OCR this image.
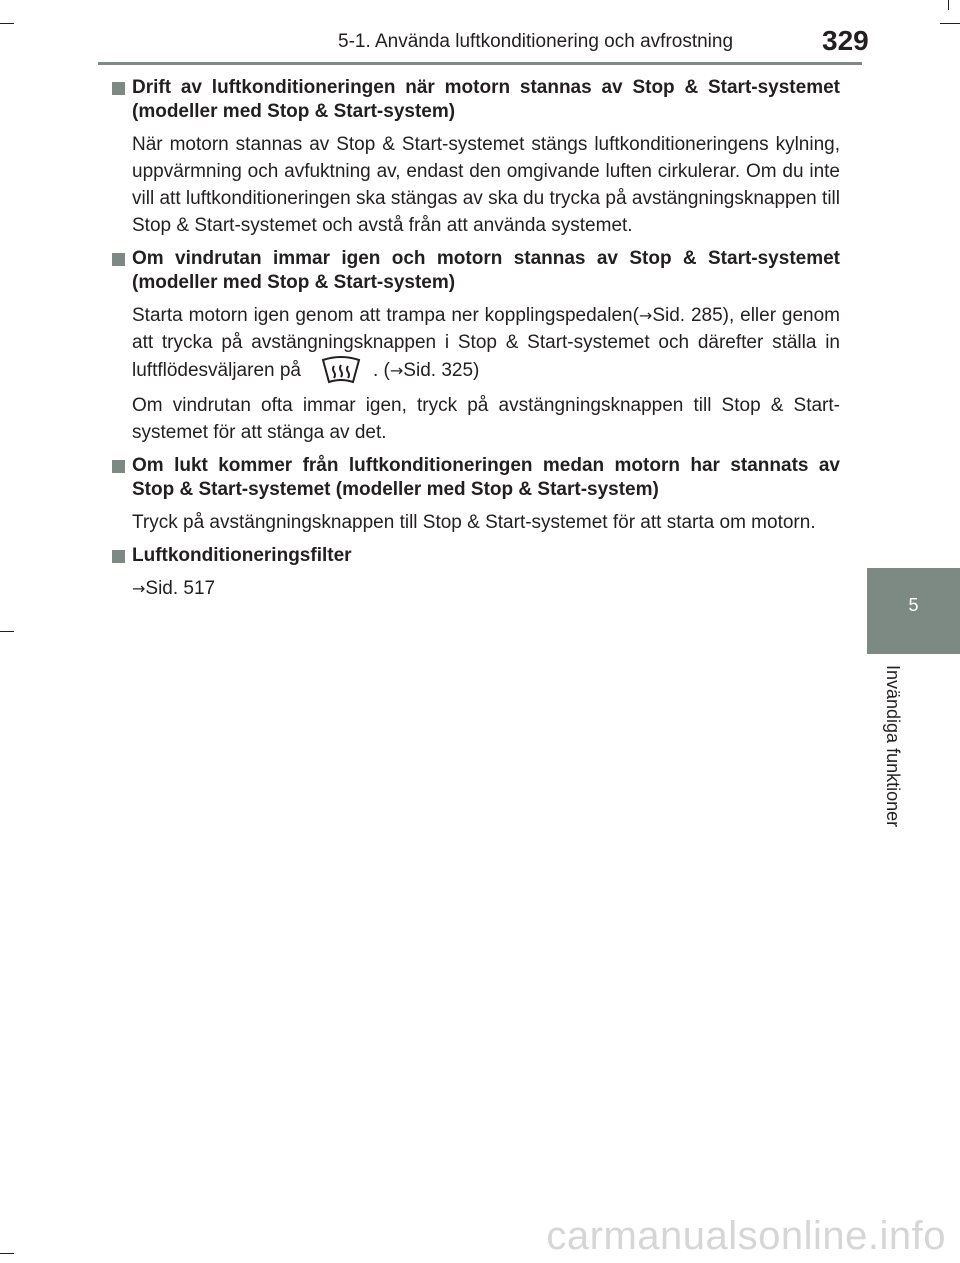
5-1. Använda luftkonditionering och avfrostning	329
5
Invändiga funktioner
Drift av luftkonditioneringen när motorn stannas av Stop & Start-systemet (modeller med Stop & Start-system)
När motorn stannas av Stop & Start-systemet stängs luftkonditioneringens kylning, uppvärmning och avfuktning av, endast den omgivande luften cirkulerar. Om du inte vill att luftkonditioneringen ska stängas av ska du trycka på avstängningsknappen till Stop & Start-systemet och avstå från att använda systemet.
Om vindrutan immar igen och motorn stannas av Stop & Start-systemet (modeller med Stop & Start-system)
Starta motorn igen genom att trampa ner kopplingspedalen(→Sid. 285), eller genom att trycka på avstängningsknappen i Stop & Start-systemet och därefter ställa in luftflödesväljaren på	. (→Sid. 325)
Om vindrutan ofta immar igen, tryck på avstängningsknappen till Stop & Start-systemet för att stänga av det.
Om lukt kommer från luftkonditioneringen medan motorn har stannats av Stop & Start-systemet (modeller med Stop & Start-system)
Tryck på avstängningsknappen till Stop & Start-systemet för att starta om motorn.
Luftkonditioneringsfilter
→Sid. 517
carmanualsonline.info
